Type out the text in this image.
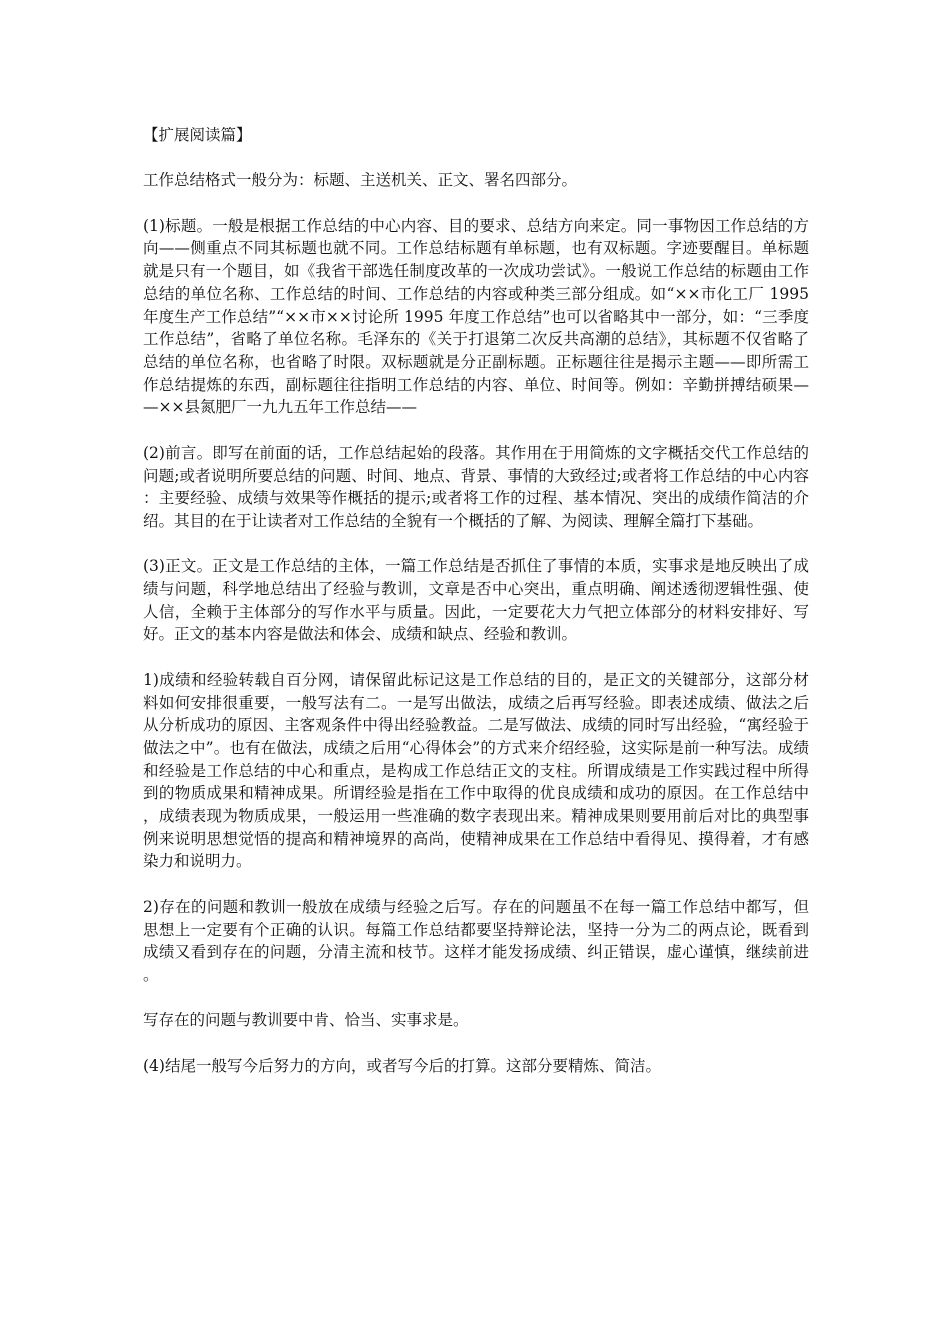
【扩展阅读篇】

工作总结格式一般分为：标题、主送机关、正文、署名四部分。

(1)标题。一般是根据工作总结的中心内容、目的要求、总结方向来定。同一事物因工作总结的方向——侧重点不同其标题也就不同。工作总结标题有单标题，也有双标题。字迹要醒目。单标题就是只有一个题目，如《我省干部选任制度改革的一次成功尝试》。一般说工作总结的标题由工作总结的单位名称、工作总结的时间、工作总结的内容或种类三部分组成。如“××市化工厂 1995 年度生产工作总结”“××市××讨论所 1995 年度工作总结”也可以省略其中一部分，如：“三季度工作总结”，省略了单位名称。毛泽东的《关于打退第二次反共高潮的总结》，其标题不仅省略了总结的单位名称，也省略了时限。双标题就是分正副标题。正标题往往是揭示主题——即所需工作总结提炼的东西，副标题往往指明工作总结的内容、单位、时间等。例如：辛勤拼搏结硕果——××县氮肥厂一九九五年工作总结——

(2)前言。即写在前面的话，工作总结起始的段落。其作用在于用简炼的文字概括交代工作总结的问题;或者说明所要总结的问题、时间、地点、背景、事情的大致经过;或者将工作总结的中心内容：主要经验、成绩与效果等作概括的提示;或者将工作的过程、基本情况、突出的成绩作简洁的介绍。其目的在于让读者对工作总结的全貌有一个概括的了解、为阅读、理解全篇打下基础。

(3)正文。正文是工作总结的主体，一篇工作总结是否抓住了事情的本质，实事求是地反映出了成绩与问题，科学地总结出了经验与教训，文章是否中心突出，重点明确、阐述透彻逻辑性强、使人信，全赖于主体部分的写作水平与质量。因此，一定要花大力气把立体部分的材料安排好、写好。正文的基本内容是做法和体会、成绩和缺点、经验和教训。

1)成绩和经验转载自百分网，请保留此标记这是工作总结的目的，是正文的关键部分，这部分材料如何安排很重要，一般写法有二。一是写出做法，成绩之后再写经验。即表述成绩、做法之后从分析成功的原因、主客观条件中得出经验教益。二是写做法、成绩的同时写出经验，“寓经验于做法之中”。也有在做法，成绩之后用“心得体会”的方式来介绍经验，这实际是前一种写法。成绩和经验是工作总结的中心和重点，是构成工作总结正文的支柱。所谓成绩是工作实践过程中所得到的物质成果和精神成果。所谓经验是指在工作中取得的优良成绩和成功的原因。在工作总结中，成绩表现为物质成果，一般运用一些准确的数字表现出来。精神成果则要用前后对比的典型事例来说明思想觉悟的提高和精神境界的高尚，使精神成果在工作总结中看得见、摸得着，才有感染力和说明力。

2)存在的问题和教训一般放在成绩与经验之后写。存在的问题虽不在每一篇工作总结中都写，但思想上一定要有个正确的认识。每篇工作总结都要坚持辩论法，坚持一分为二的两点论，既看到成绩又看到存在的问题，分清主流和枝节。这样才能发扬成绩、纠正错误，虚心谨慎，继续前进。

写存在的问题与教训要中肯、恰当、实事求是。

(4)结尾一般写今后努力的方向，或者写今后的打算。这部分要精炼、简洁。
